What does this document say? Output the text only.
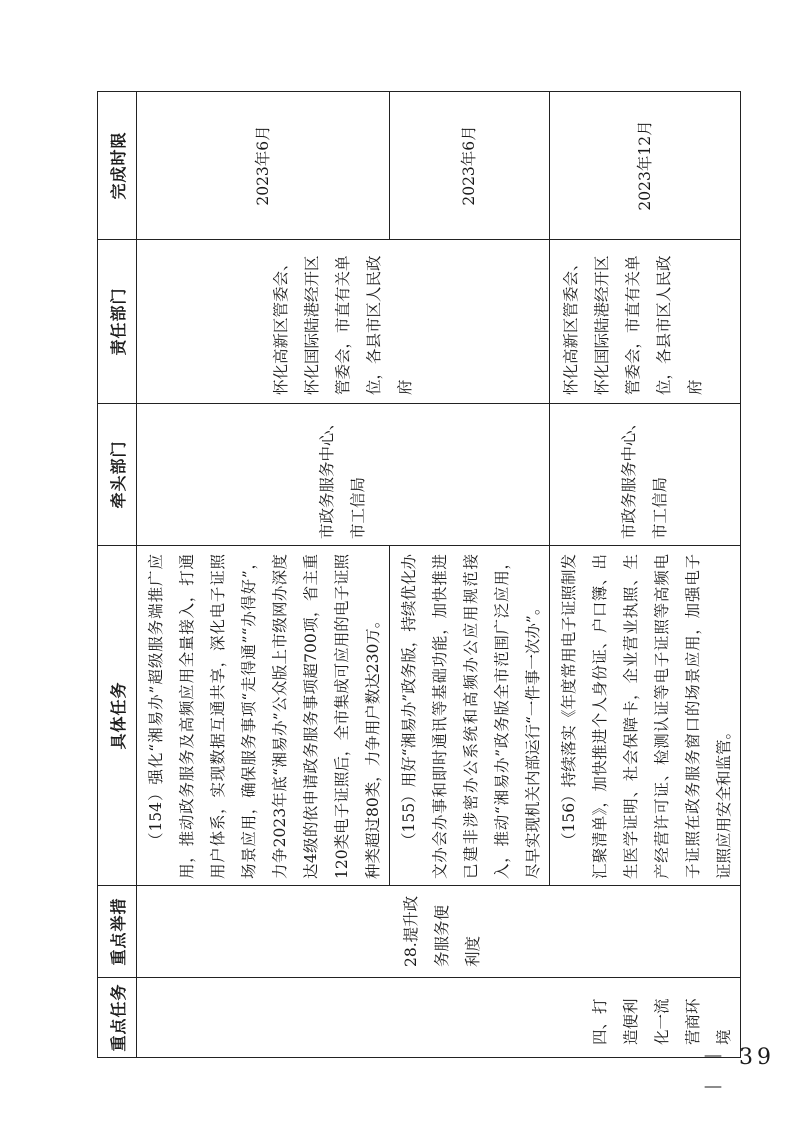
重点任务	重点举措	具体任务	牵头部门	责任部门	完成时限

四、打造便利化一流营商环境	28.提升政务服务便利度	（154）强化“湘易办”超级服务端推广应用，推动政务服务及高频应用全量接入，打通用户体系，实现数据互通共享，深化电子证照场景应用，确保服务事项“走得通”“办得好”，力争2023年底“湘易办”公众版上市级网办深度达4级的依申请政务服务事项超700项，省主重120类电子证照后，全市集成可应用的电子证照种类超过80类，力争用户数达230万。	市政务服务中心、市工信局	怀化高新区管委会、怀化国际陆港经开区管委会，市直有关单位，各县市区人民政府	2023年6月

		（155）用好“湘易办”政务版，持续优化办文办会办事和即时通讯等基础功能，加快推进已建非涉密办公系统和高频办公应用规范接入，推动“湘易办”政务版全市范围广泛应用，尽早实现机关内部运行“一件事一次办”。			2023年6月

		（156）持续落实《年度常用电子证照制发汇聚清单》，加快推进个人身份证、户口簿、出生医学证明、社会保障卡，企业营业执照、生产经营许可证、检测认证等电子证照等高频电子证照在政务服务窗口的场景应用，加强电子证照应用安全和监管。	市政务服务中心、市工信局	怀化高新区管委会、怀化国际陆港经开区管委会，市直有关单位，各县市区人民政府	2023年12月
－ 39 －
